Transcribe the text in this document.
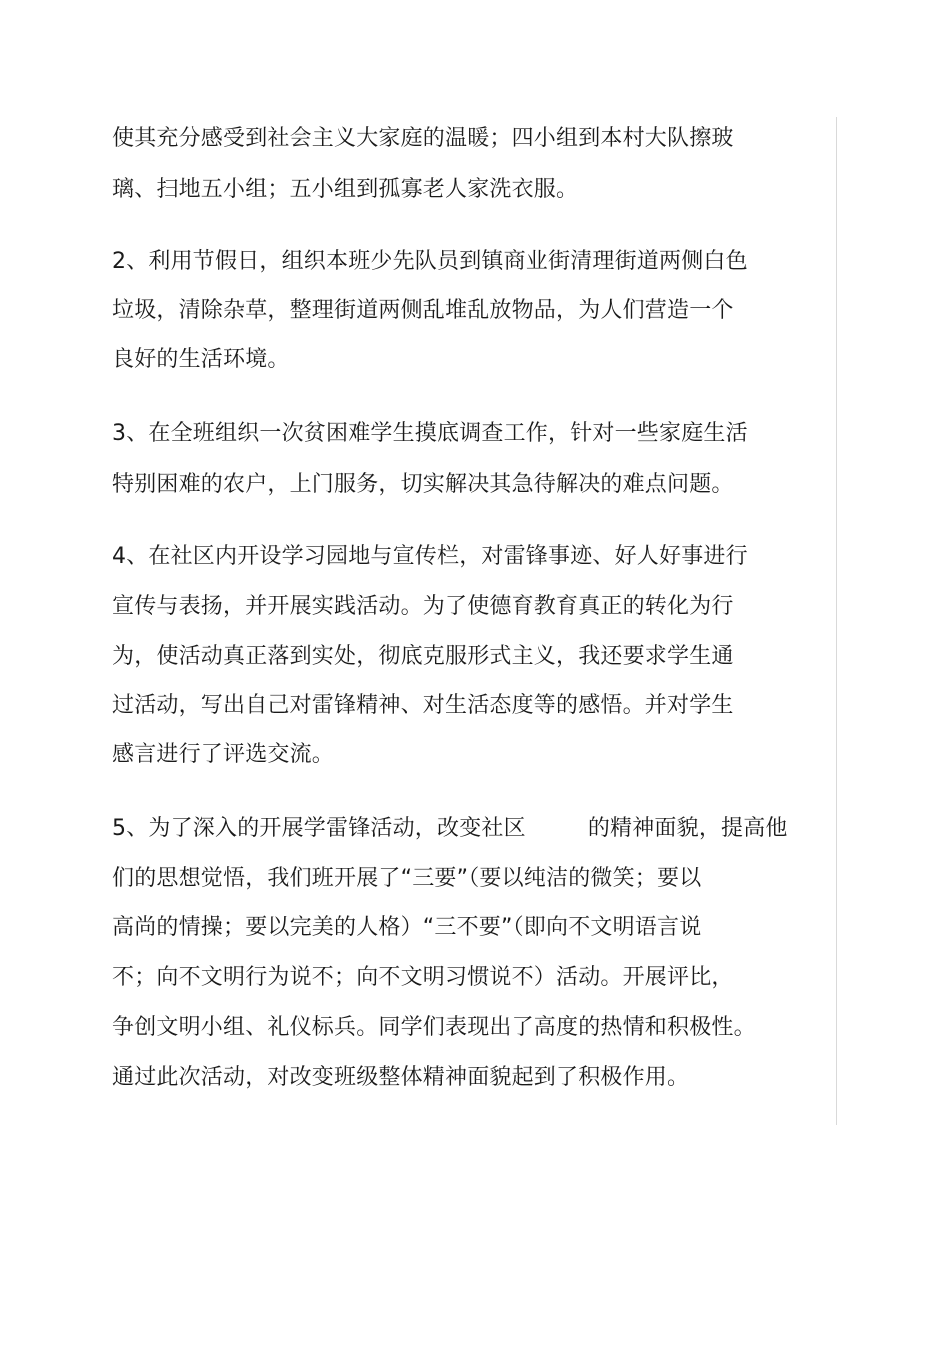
使其充分感受到社会主义大家庭的温暖；四小组到本村大队擦玻

璃、扫地五小组；五小组到孤寡老人家洗衣服。

2、利用节假日，组织本班少先队员到镇商业街清理街道两侧白色

垃圾，清除杂草，整理街道两侧乱堆乱放物品，为人们营造一个

良好的生活环境。

3、在全班组织一次贫困难学生摸底调查工作，针对一些家庭生活

特别困难的农户，上门服务，切实解决其急待解决的难点问题。

4、在社区内开设学习园地与宣传栏，对雷锋事迹、好人好事进行

宣传与表扬，并开展实践活动。为了使德育教育真正的转化为行

为，使活动真正落到实处，彻底克服形式主义，我还要求学生通

过活动，写出自己对雷锋精神、对生活态度等的感悟。并对学生

感言进行了评选交流。

5、为了深入的开展学雷锋活动，改变社区	的精神面貌，提高他

们的思想觉悟，我们班开展了“三要”（要以纯洁的微笑；要以

高尚的情操；要以完美的人格）“三不要”（即向不文明语言说

不；向不文明行为说不；向不文明习惯说不）活动。开展评比，

争创文明小组、礼仪标兵。同学们表现出了高度的热情和积极性。

通过此次活动，对改变班级整体精神面貌起到了积极作用。
